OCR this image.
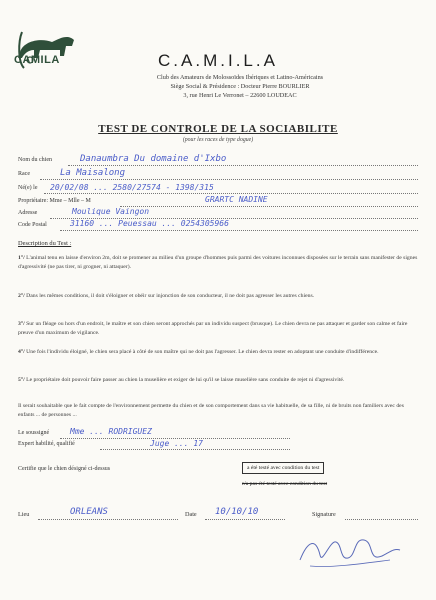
CAMILA	C.A.M.I.L.A
Club des Amateurs de Molossoïdes Ibériques et Latino-Américains
Siège Social & Présidence : Docteur Pierre BOURLIER
3, rue Henri Le Verronet – 22600 LOUDEAC
TEST DE CONTROLE DE LA SOCIABILITE
(pour les races de type dogue)
Nom du chien	Danaumbra Du domaine d'Ixbo
Race	La Maisalong
Né(e) le 20/02/08 ... 2580/27574 - 1398/315
Propriétaire: Mme – Mlle – M	GRARTC NADINE
Adresse	Moulique Vaingon
Code Postal	31160 ... Peuessau ... 0254305966
Description du Test :
1°/ L'animal tenu en laisse d'environ 2m, doit se promener au milieu d'un groupe d'hommes puis parmi des voitures inconnues disposées sur le terrain sans manifester de signes d'agressivité (ne pas tirer, ni grogner, ni attaquer).
2°/ Dans les mêmes conditions, il doit s'éloigner et obéir sur injonction de son conducteur, il ne doit pas agresser les autres chiens.
3°/ Sur un fléage ou hors d'un endroit, le maître et son chien seront approchés par un individu suspect (brusque). Le chien devra ne pas attaquer et garder son calme et faire preuve d'un maximum de vigilance.
4°/ Une fois l'individu éloigné, le chien sera placé à côté de son maître qui ne doit pas l'agresser. Le chien devra rester en adoptant une conduite d'indifférence.
5°/ Le propriétaire doit pouvoir faire passer au chien la muselière et exiger de lui qu'il se laisse muselière sans conduite de rejet ni d'agressivité.
Il serait souhaitable que le fait compte de l'environnement permette du chien et de son comportement dans sa vie habituelle, de sa fille, ni de bruits non familiers avec des enfants ... de personnes ...
Le soussigné	Mme ... RODRIGUEZ
Expert habilité, qualifié	Juge ... 17
Certifie que le chien désigné ci-dessus	a été testé avec condition du test
n'a pas été testé avec condition du test
Lieu	ORLEANS	Date 10/10/10	Signature
